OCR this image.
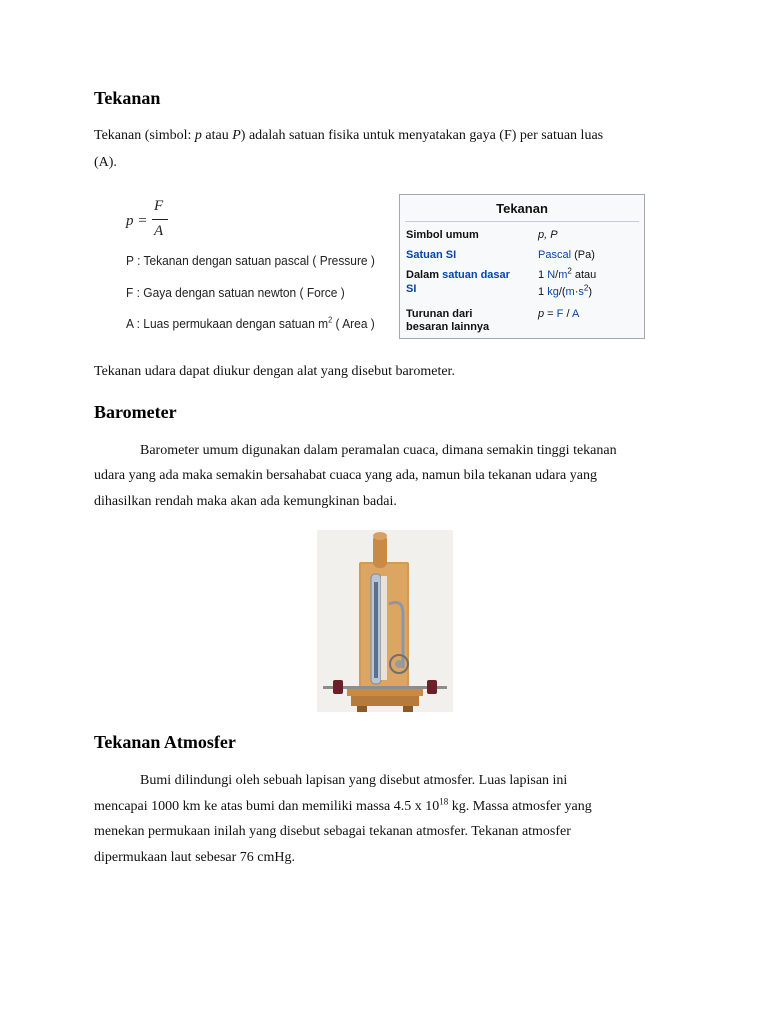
Tekanan
Tekanan (simbol: p atau P) adalah satuan fisika untuk menyatakan gaya (F) per satuan luas
(A).
p =
F
A
P : Tekanan dengan satuan pascal ( Pressure )
F : Gaya dengan satuan newton ( Force )
A : Luas permukaan dengan satuan $m^2$ ( Area )
Tekanan
Simbol umum	p, P
Satuan SI	Pascal (Pa)
Dalam satuan dasar
SI
1 $N/m^2$ atau
1 $kg/(m\cdot s^2)$
Turunan dari
besaran lainnya
p = F / A
Tekanan udara dapat diukur dengan alat yang disebut barometer.
Barometer
Barometer umum digunakan dalam peramalan cuaca, dimana semakin tinggi tekanan
udara yang ada maka semakin bersahabat cuaca yang ada, namun bila tekanan udara yang
dihasilkan rendah maka akan ada kemungkinan badai.
Tekanan Atmosfer
Bumi dilindungi oleh sebuah lapisan yang disebut atmosfer. Luas lapisan ini
mencapai 1000 km ke atas bumi dan memiliki massa 4.5 x $10^{18}$ kg. Massa atmosfer yang
menekan permukaan inilah yang disebut sebagai tekanan atmosfer. Tekanan atmosfer
dipermukaan laut sebesar 76 cmHg.
